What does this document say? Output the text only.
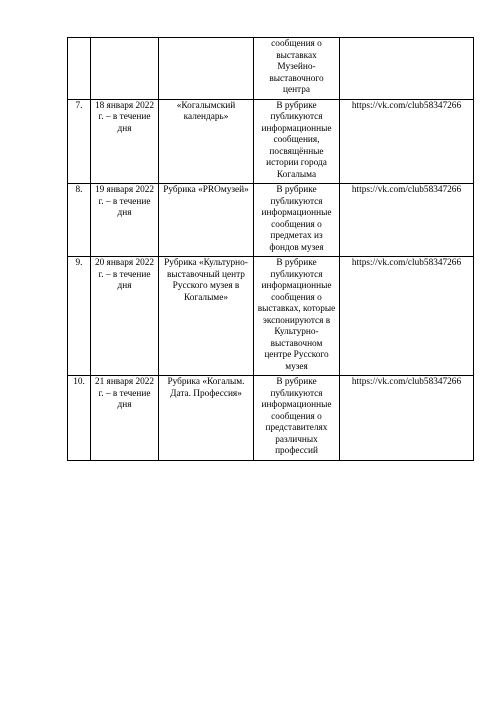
			сообщения о выставках Музейно-выставочного центра	
7.	18 января 2022 г. – в течение дня	«Когалымский календарь»	В рубрике публикуются информационные сообщения, посвящённые истории города Когалыма	https://vk.com/club58347266
8.	19 января 2022 г. – в течение дня	Рубрика «PROмузей»	В рубрике публикуются информационные сообщения о предметах из фондов музея	https://vk.com/club58347266
9.	20 января 2022 г. – в течение дня	Рубрика «Культурно-выставочный центр Русского музея в Когалыме»	В рубрике публикуются информационные сообщения о выставках, которые экспонируются в Культурно-выставочном центре Русского музея	https://vk.com/club58347266
10.	21 января 2022 г. – в течение дня	Рубрика «Когалым. Дата. Профессия»	В рубрике публикуются информационные сообщения о представителях различных профессий	https://vk.com/club58347266
